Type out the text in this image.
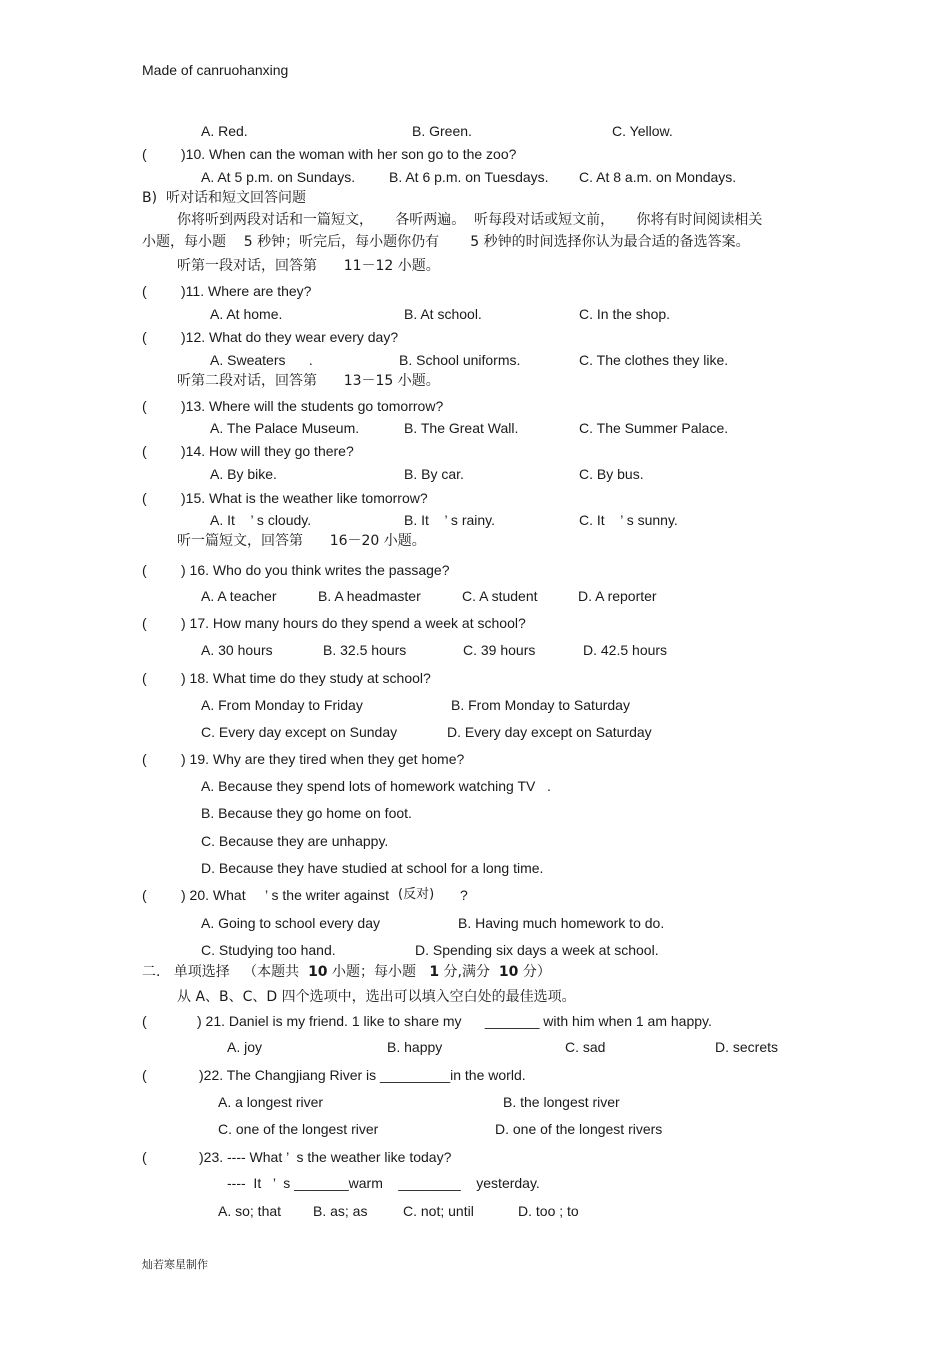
Made of canruohanxing
A. Red.	B. Green.	C. Yellow.
( )10. When can the woman with her son go to the zoo?
A. At 5 p.m. on Sundays. B. At 6 p.m. on Tuesdays. C. At 8 a.m. on Mondays.
B)  听对话和短文回答问题
你将听到两段对话和一篇短文，     各听两遍。  听每段对话或短文前，     你将有时间阅读相关
小题，每小题    5 秒钟；听完后，每小题你仍有       5 秒钟的时间选择你认为最合适的备选答案。
听第一段对话，回答第      11－12 小题。
( )11. Where are they?
A. At home.	B. At school.	C. In the shop.
( )12. What do they wear every day?
A. Sweaters      .	B. School uniforms.	C. The clothes they like.
听第二段对话，回答第      13－15 小题。
( )13. Where will the students go tomorrow?
A. The Palace Museum.	B. The Great Wall.	C. The Summer Palace.
( )14. How will they go there?
A. By bike.	B. By car.	C. By bus.
( )15. What is the weather like tomorrow?
A. It    ’ s cloudy.	B. It    ’ s rainy.	C. It    ’ s sunny.
听一篇短文，回答第      16－20 小题。
( ) 16. Who do you think writes the passage?
A. A teacher	B. A headmaster	C. A student	D. A reporter
( ) 17. How many hours do they spend a week at school?
A. 30 hours	B. 32.5 hours	C. 39 hours	D. 42.5 hours
( ) 18. What time do they study at school?
A. From Monday to Friday	B. From Monday to Saturday
C. Every day except on Sunday	D. Every day except on Saturday
( ) 19. Why are they tired when they get home?
A. Because they spend lots of homework watching TV   .
B. Because they go home on foot.
C. Because they are unhappy.
D. Because they have studied at school for a long time.
( ) 20. What     ’ s the writer against (反对) ?
A. Going to school every day	B. Having much homework to do.
C. Studying too hand.	D. Spending six days a week at school.
二.   单项选择   （本题共  10 小题；每小题   1 分,满分  10 分）
从 A、B、C、D 四个选项中，选出可以填入空白处的最佳选项。
(	) 21. Daniel is my friend. 1 like to share my      _______ with him when 1 am happy.
A. joy	B. happy	C. sad	D. secrets
(	)22. The Changjiang River is _________in the world.
A. a longest river	B. the longest river
C. one of the longest river	D. one of the longest rivers
(	)23. ---- What ’  s the weather like today?
----  It   ’  s _______warm    ________    yesterday.
A. so; that B. as; as	C. not; until	D. too ; to
灿若寒星制作
